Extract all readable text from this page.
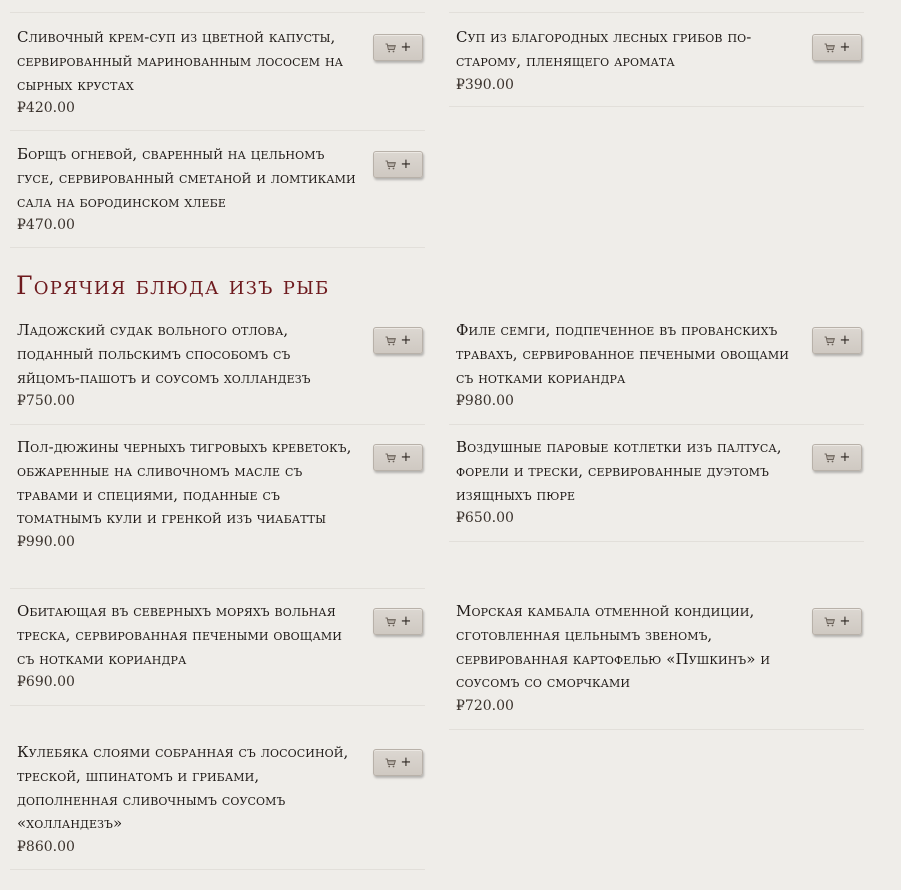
Сливочный крем-суп из цветной капусты, сервированный маринованным лососем на сырных крустах
₽420.00
+
Суп из благородных лесных грибов по-старому, пленящего аромата
₽390.00
+
Борщъ огневой, сваренный на цельномъ гусе, сервированный сметаной и ломтиками сала на бородинском хлебе
₽470.00
+
Горячия блюда изъ рыб
Ладожский судак вольного отлова, поданный польскимъ способомъ съ яйцомъ-пашотъ и соусомъ холландезъ
₽750.00
+
Филе семги, подпеченное въ прованскихъ травахъ, сервированное печеными овощами съ нотками кориандра
₽980.00
+
Пол-дюжины черныхъ тигровыхъ креветокъ, обжаренные на сливочномъ масле съ травами и специями, поданные съ томатнымъ кули и гренкой изъ чиабатты
₽990.00
+
Воздушные паровые котлетки изъ палтуса, форели и трески, сервированные дуэтомъ изящныхъ пюре
₽650.00
+
Обитающая въ северныхъ моряхъ вольная треска, сервированная печеными овощами съ нотками кориандра
₽690.00
+
Морская камбала отменной кондиции, сготовленная цельнымъ звеномъ, сервированная картофелью «Пушкинъ» и соусомъ со сморчками
₽720.00
+
Кулебяка слоями собранная съ лососиной, треской, шпинатомъ и грибами, дополненная сливочнымъ соусомъ «холландезъ»
₽860.00
+
